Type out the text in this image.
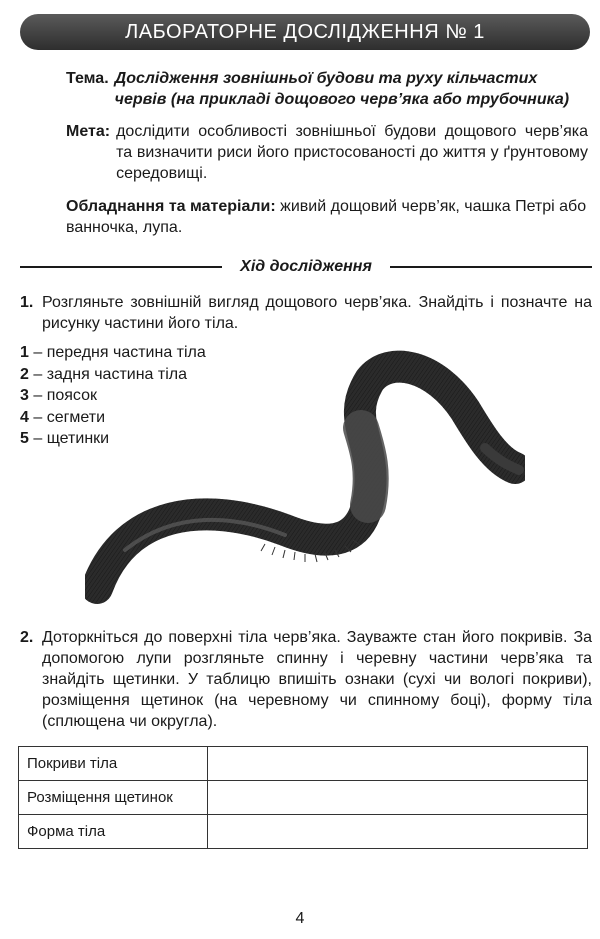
ЛАБОРАТОРНЕ ДОСЛІДЖЕННЯ № 1
Тема. Дослідження зовнішньої будови та руху кільчастих червів (на прикладі дощового черв’яка або трубочника)
Мета: дослідити особливості зовнішньої будови дощового черв’яка та визначити риси його пристосованості до життя у ґрунтовому середовищі.
Обладнання та матеріали: живий дощовий черв’як, чашка Петрі або ванночка, лупа.
Хід дослідження
1. Розгляньте зовнішній вигляд дощового черв’яка. Знайдіть і позначте на рисунку частини його тіла.
1 – передня частина тіла
2 – задня частина тіла
3 – поясок
4 – сегмети
5 – щетинки
2. Доторкніться до поверхні тіла черв’яка. Зауважте стан його покривів. За допомогою лупи розгляньте спинну і черевну частини черв’яка та знайдіть щетинки. У таблицю впишіть ознаки (сухі чи вологі покриви), розміщення щетинок (на черевному чи спинному боці), форму тіла (сплющена чи округла).
Покриви тіла	
Розміщення щетинок	
Форма тіла	
4
